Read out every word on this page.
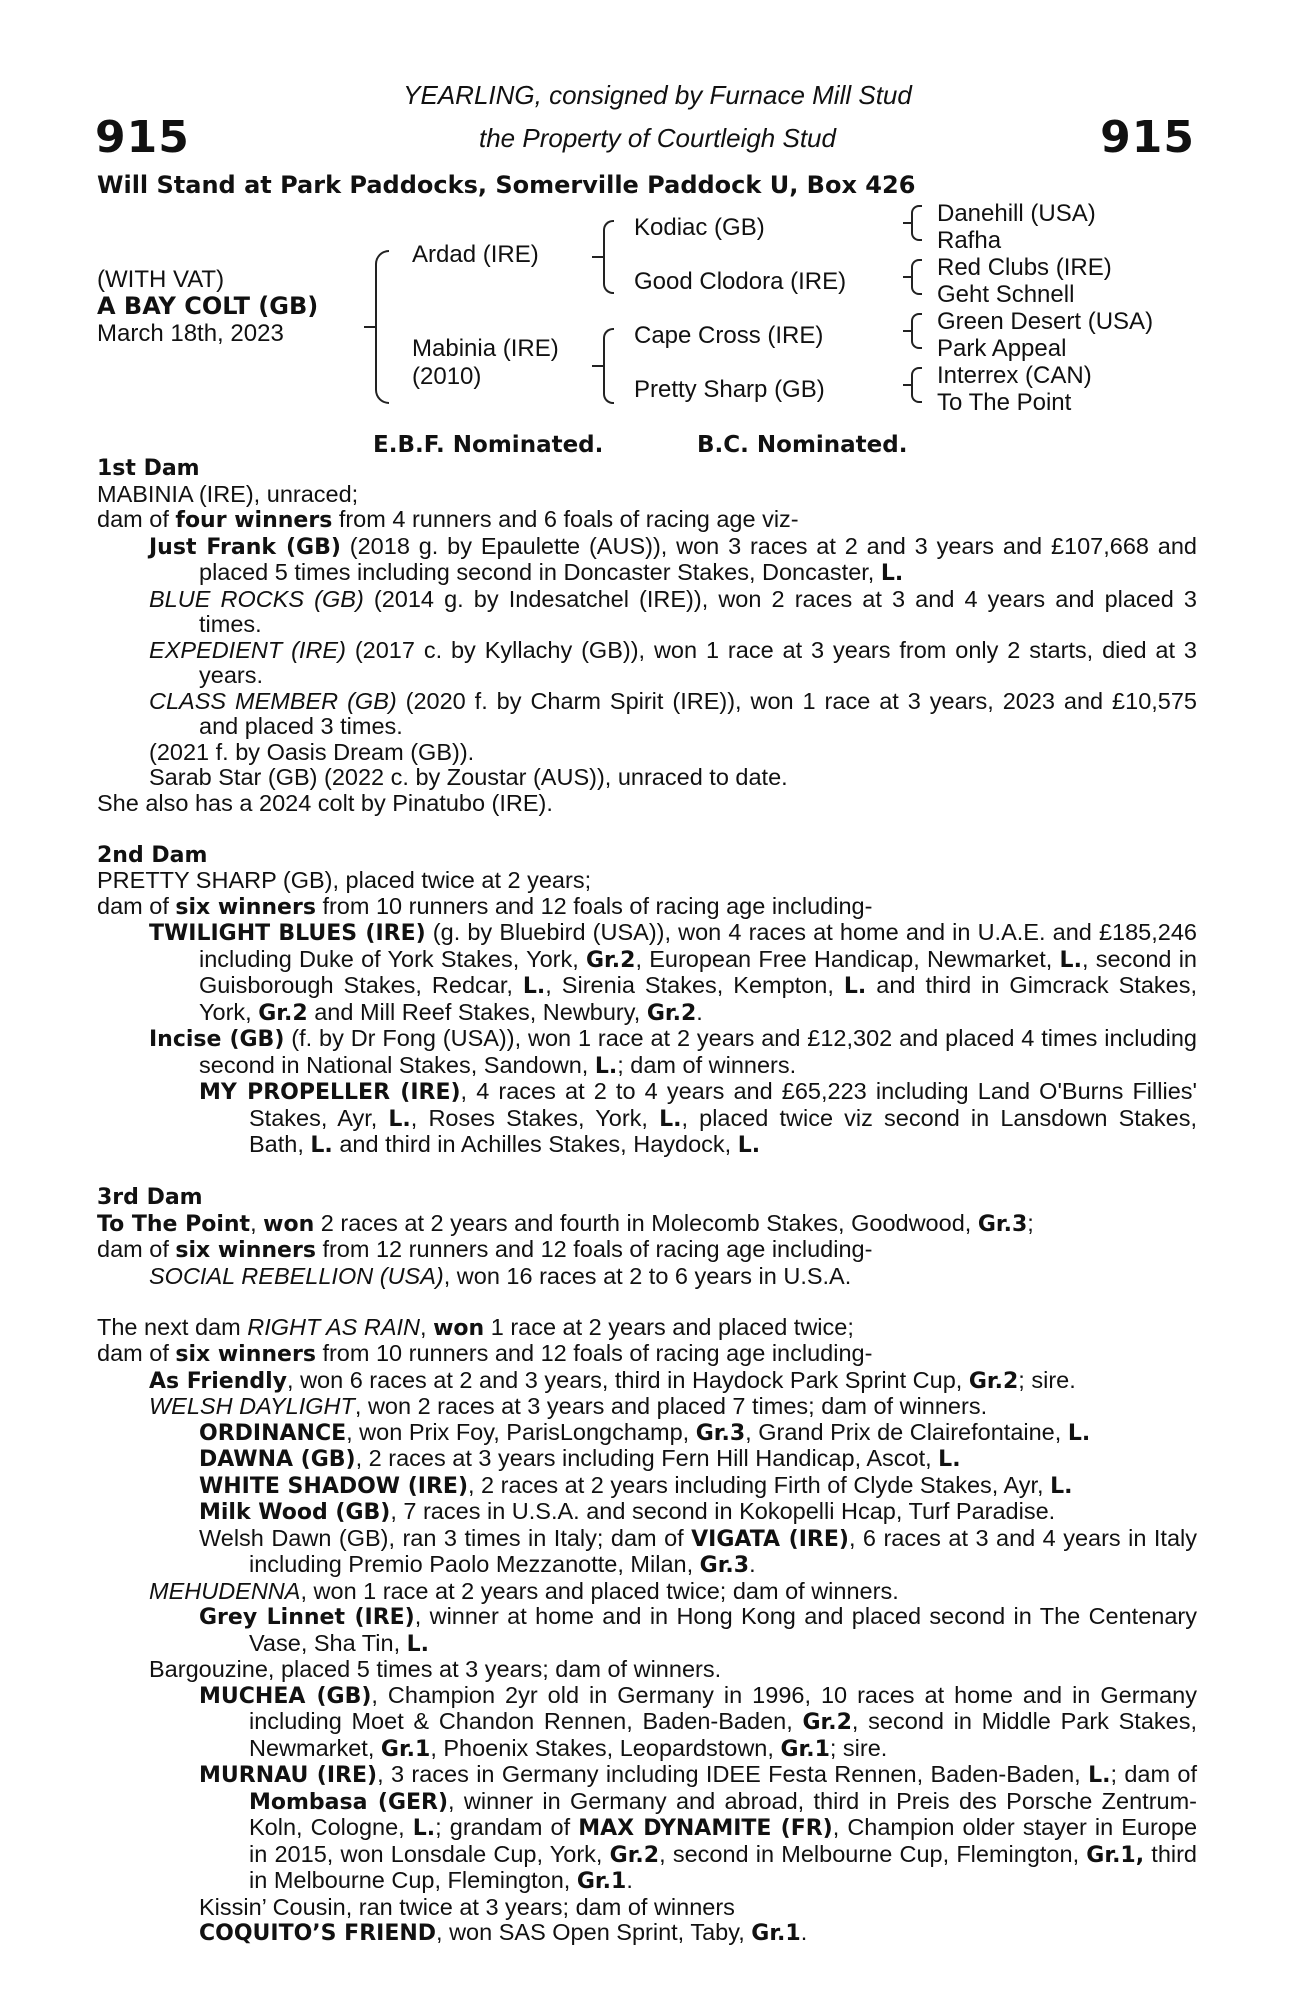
915	915
YEARLING, consigned by Furnace Mill Stud
the Property of Courtleigh Stud
Will Stand at Park Paddocks, Somerville Paddock U, Box 426
(WITH VAT)
A BAY COLT (GB)
March 18th, 2023
Ardad (IRE)
Mabinia (IRE)
(2010)
Kodiac (GB)
Good Clodora (IRE)
Cape Cross (IRE)
Pretty Sharp (GB)
Danehill (USA)
Rafha
Red Clubs (IRE)
Geht Schnell
Green Desert (USA)
Park Appeal
Interrex (CAN)
To The Point
E.B.F. Nominated.	B.C. Nominated.

1st Dam

MABINIA (IRE), unraced;

dam of four winners from 4 runners and 6 foals of racing age viz-

Just Frank (GB) (2018 g. by Epaulette (AUS)), won 3 races at 2 and 3 years and £107,668 and placed 5 times including second in Doncaster Stakes, Doncaster, L.

BLUE ROCKS (GB) (2014 g. by Indesatchel (IRE)), won 2 races at 3 and 4 years and placed 3 times.

EXPEDIENT (IRE) (2017 c. by Kyllachy (GB)), won 1 race at 3 years from only 2 starts, died at 3 years.

CLASS MEMBER (GB) (2020 f. by Charm Spirit (IRE)), won 1 race at 3 years, 2023 and £10,575 and placed 3 times.

(2021 f. by Oasis Dream (GB)).

Sarab Star (GB) (2022 c. by Zoustar (AUS)), unraced to date.

She also has a 2024 colt by Pinatubo (IRE).

2nd Dam

PRETTY SHARP (GB), placed twice at 2 years;

dam of six winners from 10 runners and 12 foals of racing age including-

TWILIGHT BLUES (IRE) (g. by Bluebird (USA)), won 4 races at home and in U.A.E. and £185,246 including Duke of York Stakes, York, Gr.2, European Free Handicap, Newmarket, L., second in Guisborough Stakes, Redcar, L., Sirenia Stakes, Kempton, L. and third in Gimcrack Stakes, York, Gr.2 and Mill Reef Stakes, Newbury, Gr.2.

Incise (GB) (f. by Dr Fong (USA)), won 1 race at 2 years and £12,302 and placed 4 times including second in National Stakes, Sandown, L.; dam of winners.

MY PROPELLER (IRE), 4 races at 2 to 4 years and £65,223 including Land O'Burns Fillies' Stakes, Ayr, L., Roses Stakes, York, L., placed twice viz second in Lansdown Stakes, Bath, L. and third in Achilles Stakes, Haydock, L.

3rd Dam

To The Point, won 2 races at 2 years and fourth in Molecomb Stakes, Goodwood, Gr.3;

dam of six winners from 12 runners and 12 foals of racing age including-

SOCIAL REBELLION (USA), won 16 races at 2 to 6 years in U.S.A.

The next dam RIGHT AS RAIN, won 1 race at 2 years and placed twice;

dam of six winners from 10 runners and 12 foals of racing age including-

As Friendly, won 6 races at 2 and 3 years, third in Haydock Park Sprint Cup, Gr.2; sire.

WELSH DAYLIGHT, won 2 races at 3 years and placed 7 times; dam of winners.

ORDINANCE, won Prix Foy, ParisLongchamp, Gr.3, Grand Prix de Clairefontaine, L.

DAWNA (GB), 2 races at 3 years including Fern Hill Handicap, Ascot, L.

WHITE SHADOW (IRE), 2 races at 2 years including Firth of Clyde Stakes, Ayr, L.

Milk Wood (GB), 7 races in U.S.A. and second in Kokopelli Hcap, Turf Paradise.

Welsh Dawn (GB), ran 3 times in Italy; dam of VIGATA (IRE), 6 races at 3 and 4 years in Italy including Premio Paolo Mezzanotte, Milan, Gr.3.

MEHUDENNA, won 1 race at 2 years and placed twice; dam of winners.

Grey Linnet (IRE), winner at home and in Hong Kong and placed second in The Centenary Vase, Sha Tin, L.

Bargouzine, placed 5 times at 3 years; dam of winners.

MUCHEA (GB), Champion 2yr old in Germany in 1996, 10 races at home and in Germany including Moet & Chandon Rennen, Baden-Baden, Gr.2, second in Middle Park Stakes, Newmarket, Gr.1, Phoenix Stakes, Leopardstown, Gr.1; sire.

MURNAU (IRE), 3 races in Germany including IDEE Festa Rennen, Baden-Baden, L.; dam of Mombasa (GER), winner in Germany and abroad, third in Preis des Porsche Zentrum-Koln, Cologne, L.; grandam of MAX DYNAMITE (FR), Champion older stayer in Europe in 2015, won Lonsdale Cup, York, Gr.2, second in Melbourne Cup, Flemington, Gr.1, third in Melbourne Cup, Flemington, Gr.1.

Kissin’ Cousin, ran twice at 3 years; dam of winners

COQUITO’S FRIEND, won SAS Open Sprint, Taby, Gr.1.
